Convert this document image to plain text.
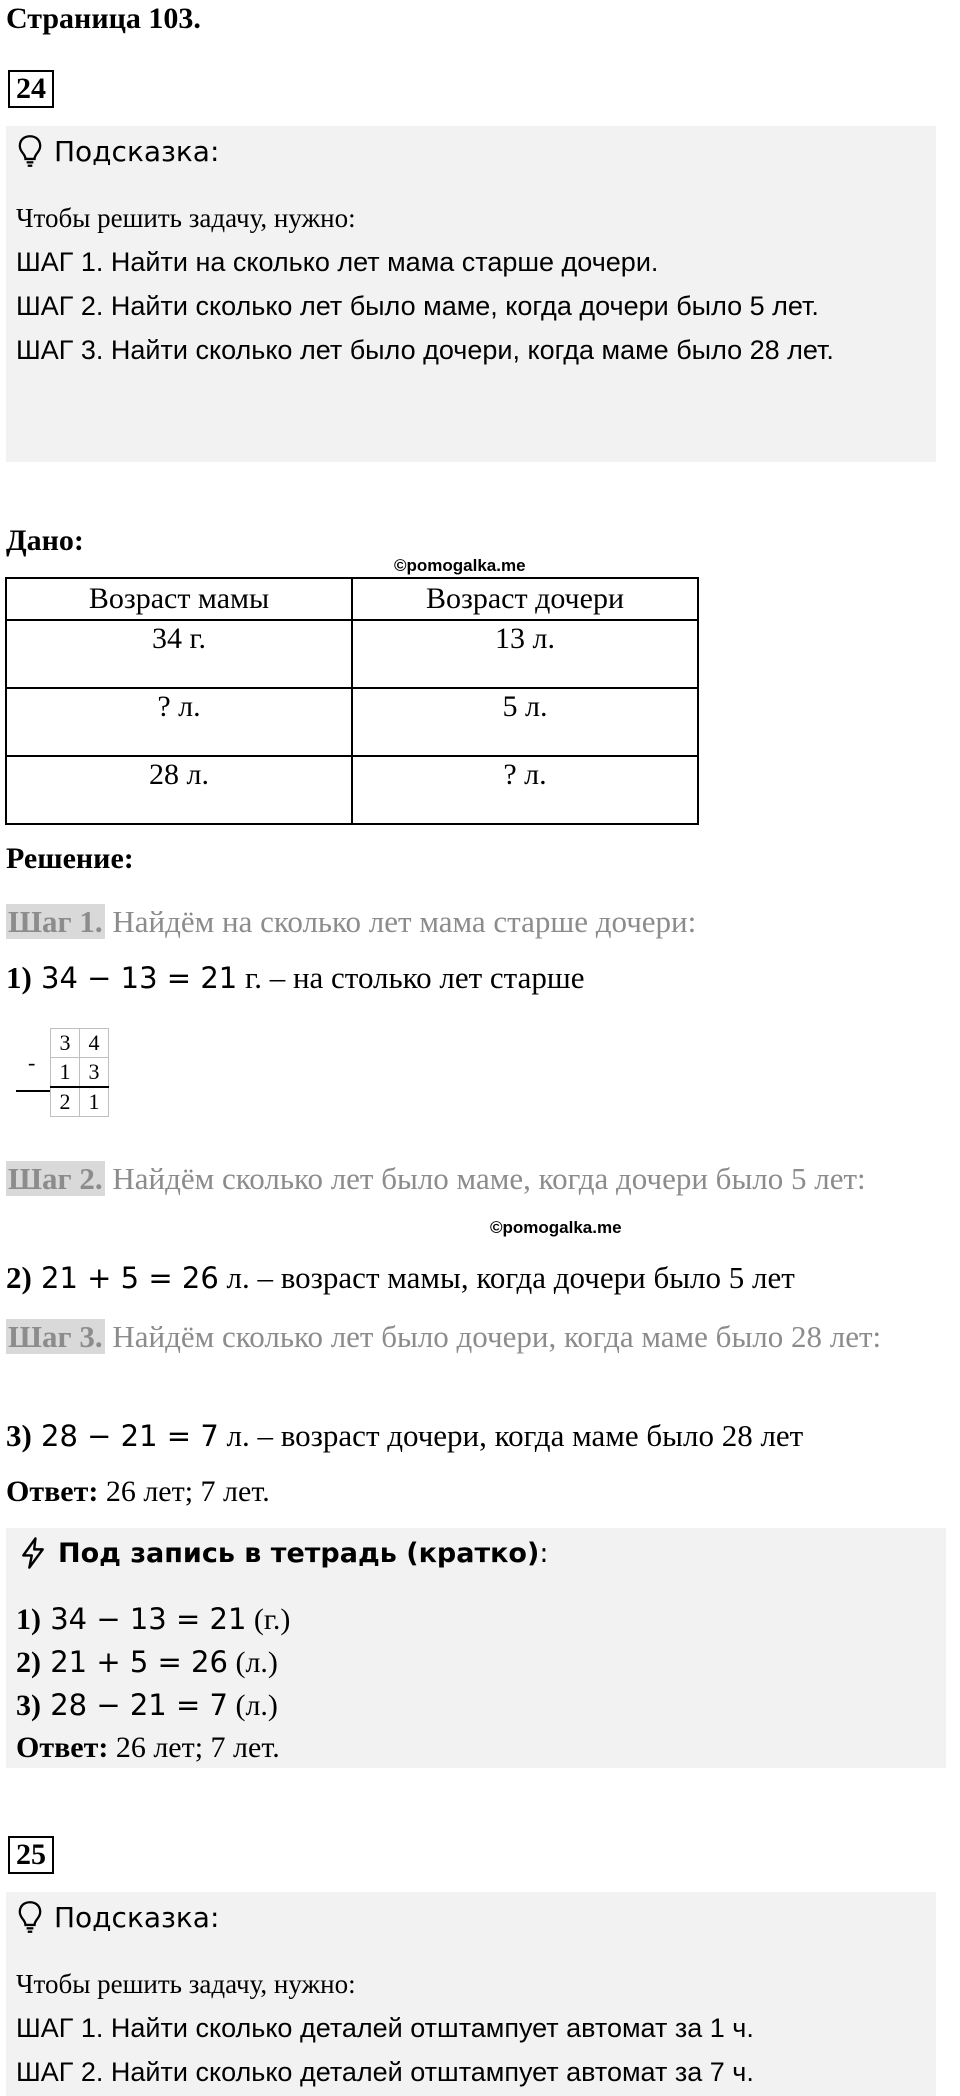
Страница 103.
24
Подсказка:
Чтобы решить задачу, нужно:
ШАГ 1. Найти на сколько лет мама старше дочери.
ШАГ 2. Найти сколько лет было маме, когда дочери было 5 лет.
ШАГ 3. Найти сколько лет было дочери, когда маме было 28 лет.
Дано:
©pomogalka.me
Возраст мамы	Возраст дочери
34 г.	13 л.
? л.	5 л.
28 л.	? л.
Решение:
Шаг 1. Найдём на сколько лет мама старше дочери:
1) 34 − 13 = 21 г. – на столько лет старше
-
3	4
1	3
2	1
Шаг 2. Найдём сколько лет было маме, когда дочери было 5 лет:
©pomogalka.me
2) 21 + 5 = 26 л. – возраст мамы, когда дочери было 5 лет
Шаг 3. Найдём сколько лет было дочери, когда маме было 28 лет:
3) 28 − 21 = 7 л. – возраст дочери, когда маме было 28 лет
Ответ: 26 лет; 7 лет.
Под запись в тетрадь (кратко) :
1) 34 − 13 = 21 (г.)
2) 21 + 5 = 26 (л.)
3) 28 − 21 = 7 (л.)
Ответ: 26 лет; 7 лет.
25
Подсказка:
Чтобы решить задачу, нужно:
ШАГ 1. Найти сколько деталей отштампует автомат за 1 ч.
ШАГ 2. Найти сколько деталей отштампует автомат за 7 ч.
